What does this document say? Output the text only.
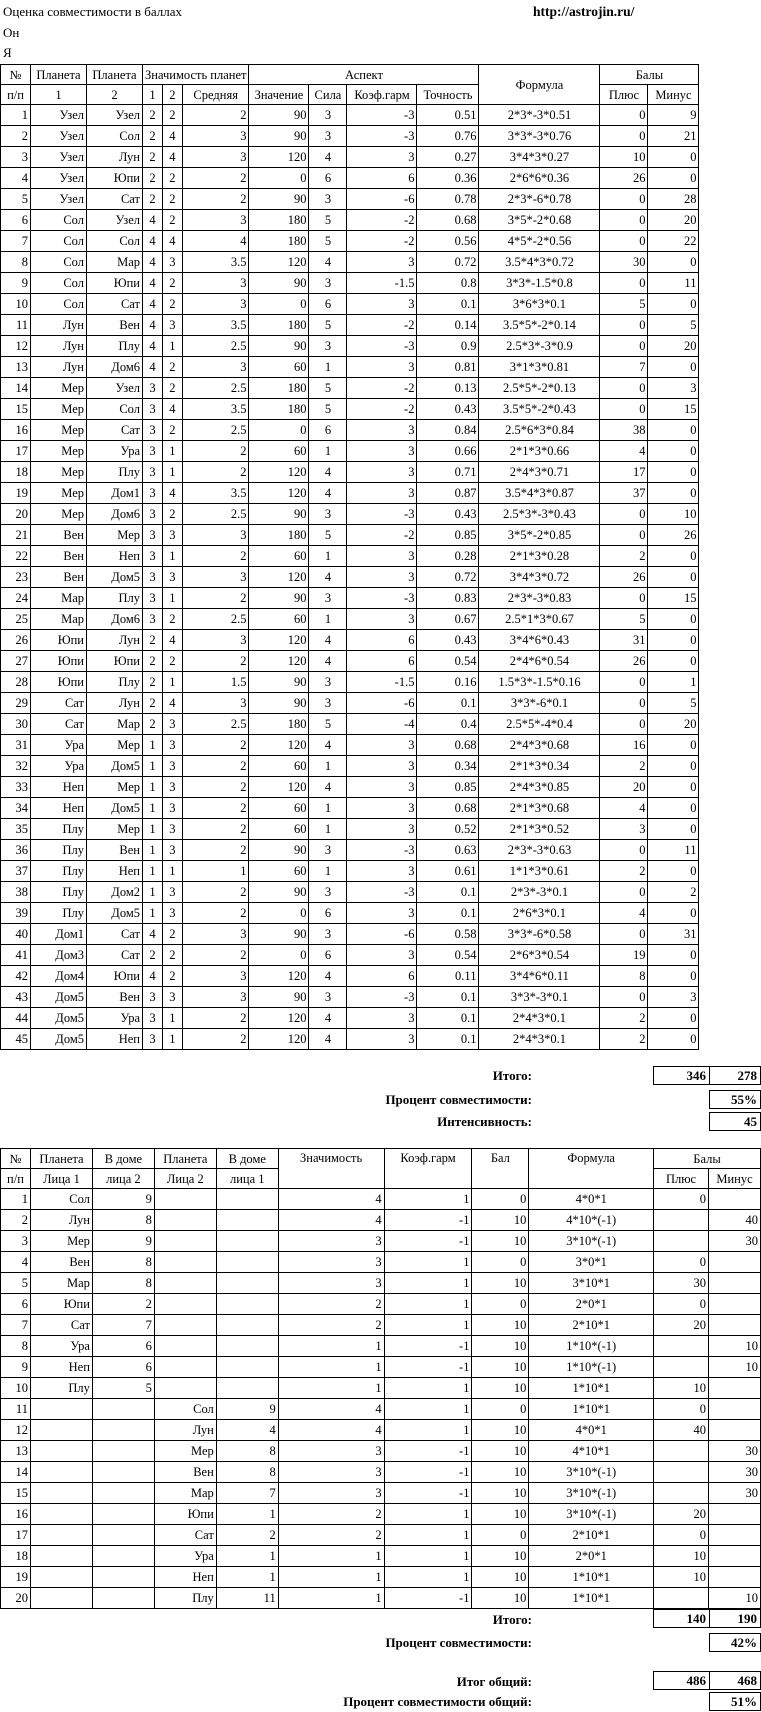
Оценка совместимости в баллах	http://astrojin.ru/
Он
Я
№	Планета	Планета	Значимость планет			Аспект				Формула	Балы	
п/п	1	2	1	2	Средняя	Значение	Сила	Коэф.гарм	Точность		Плюс	Минус
1	Узел	Узел	2	2	2	90	3	-3	0.51	2*3*-3*0.51	0	9
2	Узел	Сол	2	4	3	90	3	-3	0.76	3*3*-3*0.76	0	21
3	Узел	Лун	2	4	3	120	4	3	0.27	3*4*3*0.27	10	0
4	Узел	Юпи	2	2	2	0	6	6	0.36	2*6*6*0.36	26	0
5	Узел	Сат	2	2	2	90	3	-6	0.78	2*3*-6*0.78	0	28
6	Сол	Узел	4	2	3	180	5	-2	0.68	3*5*-2*0.68	0	20
7	Сол	Сол	4	4	4	180	5	-2	0.56	4*5*-2*0.56	0	22
8	Сол	Мар	4	3	3.5	120	4	3	0.72	3.5*4*3*0.72	30	0
9	Сол	Юпи	4	2	3	90	3	-1.5	0.8	3*3*-1.5*0.8	0	11
10	Сол	Сат	4	2	3	0	6	3	0.1	3*6*3*0.1	5	0
11	Лун	Вен	4	3	3.5	180	5	-2	0.14	3.5*5*-2*0.14	0	5
12	Лун	Плу	4	1	2.5	90	3	-3	0.9	2.5*3*-3*0.9	0	20
13	Лун	Дом6	4	2	3	60	1	3	0.81	3*1*3*0.81	7	0
14	Мер	Узел	3	2	2.5	180	5	-2	0.13	2.5*5*-2*0.13	0	3
15	Мер	Сол	3	4	3.5	180	5	-2	0.43	3.5*5*-2*0.43	0	15
16	Мер	Сат	3	2	2.5	0	6	3	0.84	2.5*6*3*0.84	38	0
17	Мер	Ура	3	1	2	60	1	3	0.66	2*1*3*0.66	4	0
18	Мер	Плу	3	1	2	120	4	3	0.71	2*4*3*0.71	17	0
19	Мер	Дом1	3	4	3.5	120	4	3	0.87	3.5*4*3*0.87	37	0
20	Мер	Дом6	3	2	2.5	90	3	-3	0.43	2.5*3*-3*0.43	0	10
21	Вен	Мер	3	3	3	180	5	-2	0.85	3*5*-2*0.85	0	26
22	Вен	Неп	3	1	2	60	1	3	0.28	2*1*3*0.28	2	0
23	Вен	Дом5	3	3	3	120	4	3	0.72	3*4*3*0.72	26	0
24	Мар	Плу	3	1	2	90	3	-3	0.83	2*3*-3*0.83	0	15
25	Мар	Дом6	3	2	2.5	60	1	3	0.67	2.5*1*3*0.67	5	0
26	Юпи	Лун	2	4	3	120	4	6	0.43	3*4*6*0.43	31	0
27	Юпи	Юпи	2	2	2	120	4	6	0.54	2*4*6*0.54	26	0
28	Юпи	Плу	2	1	1.5	90	3	-1.5	0.16	1.5*3*-1.5*0.16	0	1
29	Сат	Лун	2	4	3	90	3	-6	0.1	3*3*-6*0.1	0	5
30	Сат	Мар	2	3	2.5	180	5	-4	0.4	2.5*5*-4*0.4	0	20
31	Ура	Мер	1	3	2	120	4	3	0.68	2*4*3*0.68	16	0
32	Ура	Дом5	1	3	2	60	1	3	0.34	2*1*3*0.34	2	0
33	Неп	Мер	1	3	2	120	4	3	0.85	2*4*3*0.85	20	0
34	Неп	Дом5	1	3	2	60	1	3	0.68	2*1*3*0.68	4	0
35	Плу	Мер	1	3	2	60	1	3	0.52	2*1*3*0.52	3	0
36	Плу	Вен	1	3	2	90	3	-3	0.63	2*3*-3*0.63	0	11
37	Плу	Неп	1	1	1	60	1	3	0.61	1*1*3*0.61	2	0
38	Плу	Дом2	1	3	2	90	3	-3	0.1	2*3*-3*0.1	0	2
39	Плу	Дом5	1	3	2	0	6	3	0.1	2*6*3*0.1	4	0
40	Дом1	Сат	4	2	3	90	3	-6	0.58	3*3*-6*0.58	0	31
41	Дом3	Сат	2	2	2	0	6	3	0.54	2*6*3*0.54	19	0
42	Дом4	Юпи	4	2	3	120	4	6	0.11	3*4*6*0.11	8	0
43	Дом5	Вен	3	3	3	90	3	-3	0.1	3*3*-3*0.1	0	3
44	Дом5	Ура	3	1	2	120	4	3	0.1	2*4*3*0.1	2	0
45	Дом5	Неп	3	1	2	120	4	3	0.1	2*4*3*0.1	2	0
Итого:	346	278
Процент совместимости:	55%
Интенсивность:	45
№	Планета	В доме	Планета	В доме	Значимость	Коэф.гарм	Бал	Формула	Балы	
п/п	Лица 1	лица 2	Лица 2	лица 1					Плюс	Минус
1	Сол	9			4	1	0	4*0*1	0	
2	Лун	8			4	-1	10	4*10*(-1)		40
3	Мер	9			3	-1	10	3*10*(-1)		30
4	Вен	8			3	1	0	3*0*1	0	
5	Мар	8			3	1	10	3*10*1	30	
6	Юпи	2			2	1	0	2*0*1	0	
7	Сат	7			2	1	10	2*10*1	20	
8	Ура	6			1	-1	10	1*10*(-1)		10
9	Неп	6			1	-1	10	1*10*(-1)		10
10	Плу	5			1	1	10	1*10*1	10	
11			Сол	9	4	1	0	1*10*1	0	
12			Лун	4	4	1	10	4*0*1	40	
13			Мер	8	3	-1	10	4*10*1		30
14			Вен	8	3	-1	10	3*10*(-1)		30
15			Мар	7	3	-1	10	3*10*(-1)		30
16			Юпи	1	2	1	10	3*10*(-1)	20	
17			Сат	2	2	1	0	2*10*1	0	
18			Ура	1	1	1	10	2*0*1	10	
19			Неп	1	1	1	10	1*10*1	10	
20			Плу	11	1	-1	10	1*10*1		10
Итого:	140	190
Процент совместимости:	42%
Итог общий:	486	468
Процент совместимости общий:	51%
